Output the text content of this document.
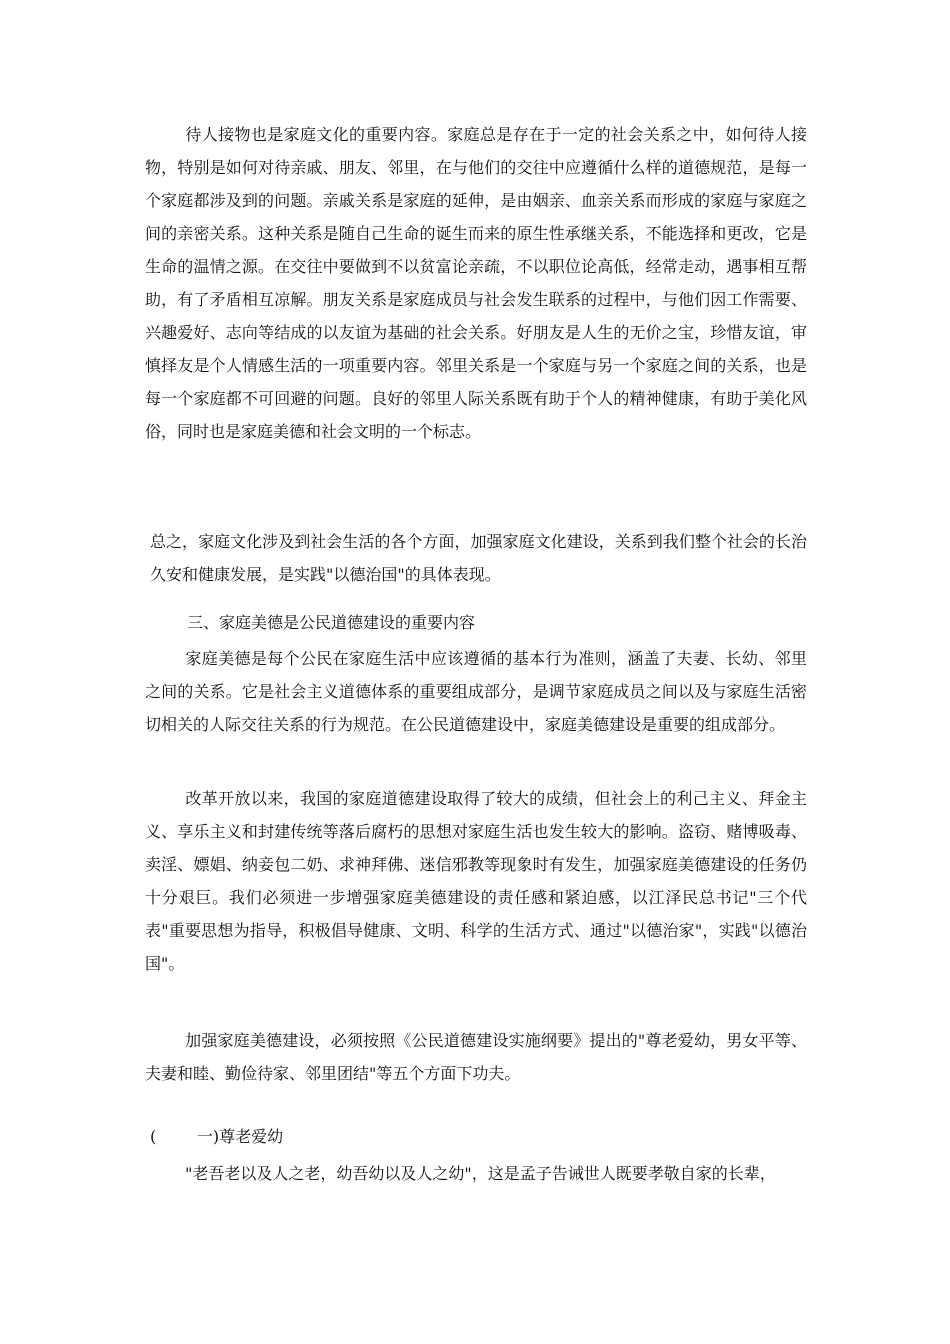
待人接物也是家庭文化的重要内容。家庭总是存在于一定的社会关系之中，如何待人接物，特别是如何对待亲戚、朋友、邻里，在与他们的交往中应遵循什么样的道德规范，是每一个家庭都涉及到的问题。亲戚关系是家庭的延伸，是由姻亲、血亲关系而形成的家庭与家庭之间的亲密关系。这种关系是随自己生命的诞生而来的原生性承继关系，不能选择和更改，它是生命的温情之源。在交往中要做到不以贫富论亲疏，不以职位论高低，经常走动，遇事相互帮助，有了矛盾相互凉解。朋友关系是家庭成员与社会发生联系的过程中，与他们因工作需要、兴趣爱好、志向等结成的以友谊为基础的社会关系。好朋友是人生的无价之宝，珍惜友谊，审慎择友是个人情感生活的一项重要内容。邻里关系是一个家庭与另一个家庭之间的关系，也是每一个家庭都不可回避的问题。良好的邻里人际关系既有助于个人的精神健康，有助于美化风俗，同时也是家庭美德和社会文明的一个标志。

总之，家庭文化涉及到社会生活的各个方面，加强家庭文化建设，关系到我们整个社会的长治久安和健康发展，是实践"以德治国"的具体表现。

三、家庭美德是公民道德建设的重要内容

家庭美德是每个公民在家庭生活中应该遵循的基本行为准则，涵盖了夫妻、长幼、邻里之间的关系。它是社会主义道德体系的重要组成部分，是调节家庭成员之间以及与家庭生活密切相关的人际交往关系的行为规范。在公民道德建设中，家庭美德建设是重要的组成部分。

改革开放以来，我国的家庭道德建设取得了较大的成绩，但社会上的利己主义、拜金主义、享乐主义和封建传统等落后腐朽的思想对家庭生活也发生较大的影响。盗窃、赌博吸毒、卖淫、嫖娼、纳妾包二奶、求神拜佛、迷信邪教等现象时有发生，加强家庭美德建设的任务仍十分艰巨。我们必须进一步增强家庭美德建设的责任感和紧迫感，以江泽民总书记"三个代表"重要思想为指导，积极倡导健康、文明、科学的生活方式、通过"以德治家"，实践"以德治国"。

加强家庭美德建设，必须按照《公民道德建设实施纲要》提出的"尊老爱幼，男女平等、夫妻和睦、勤俭待家、邻里团结"等五个方面下功夫。

(        一)尊老爱幼

"老吾老以及人之老，幼吾幼以及人之幼"，这是孟子告诫世人既要孝敬自家的长辈，
